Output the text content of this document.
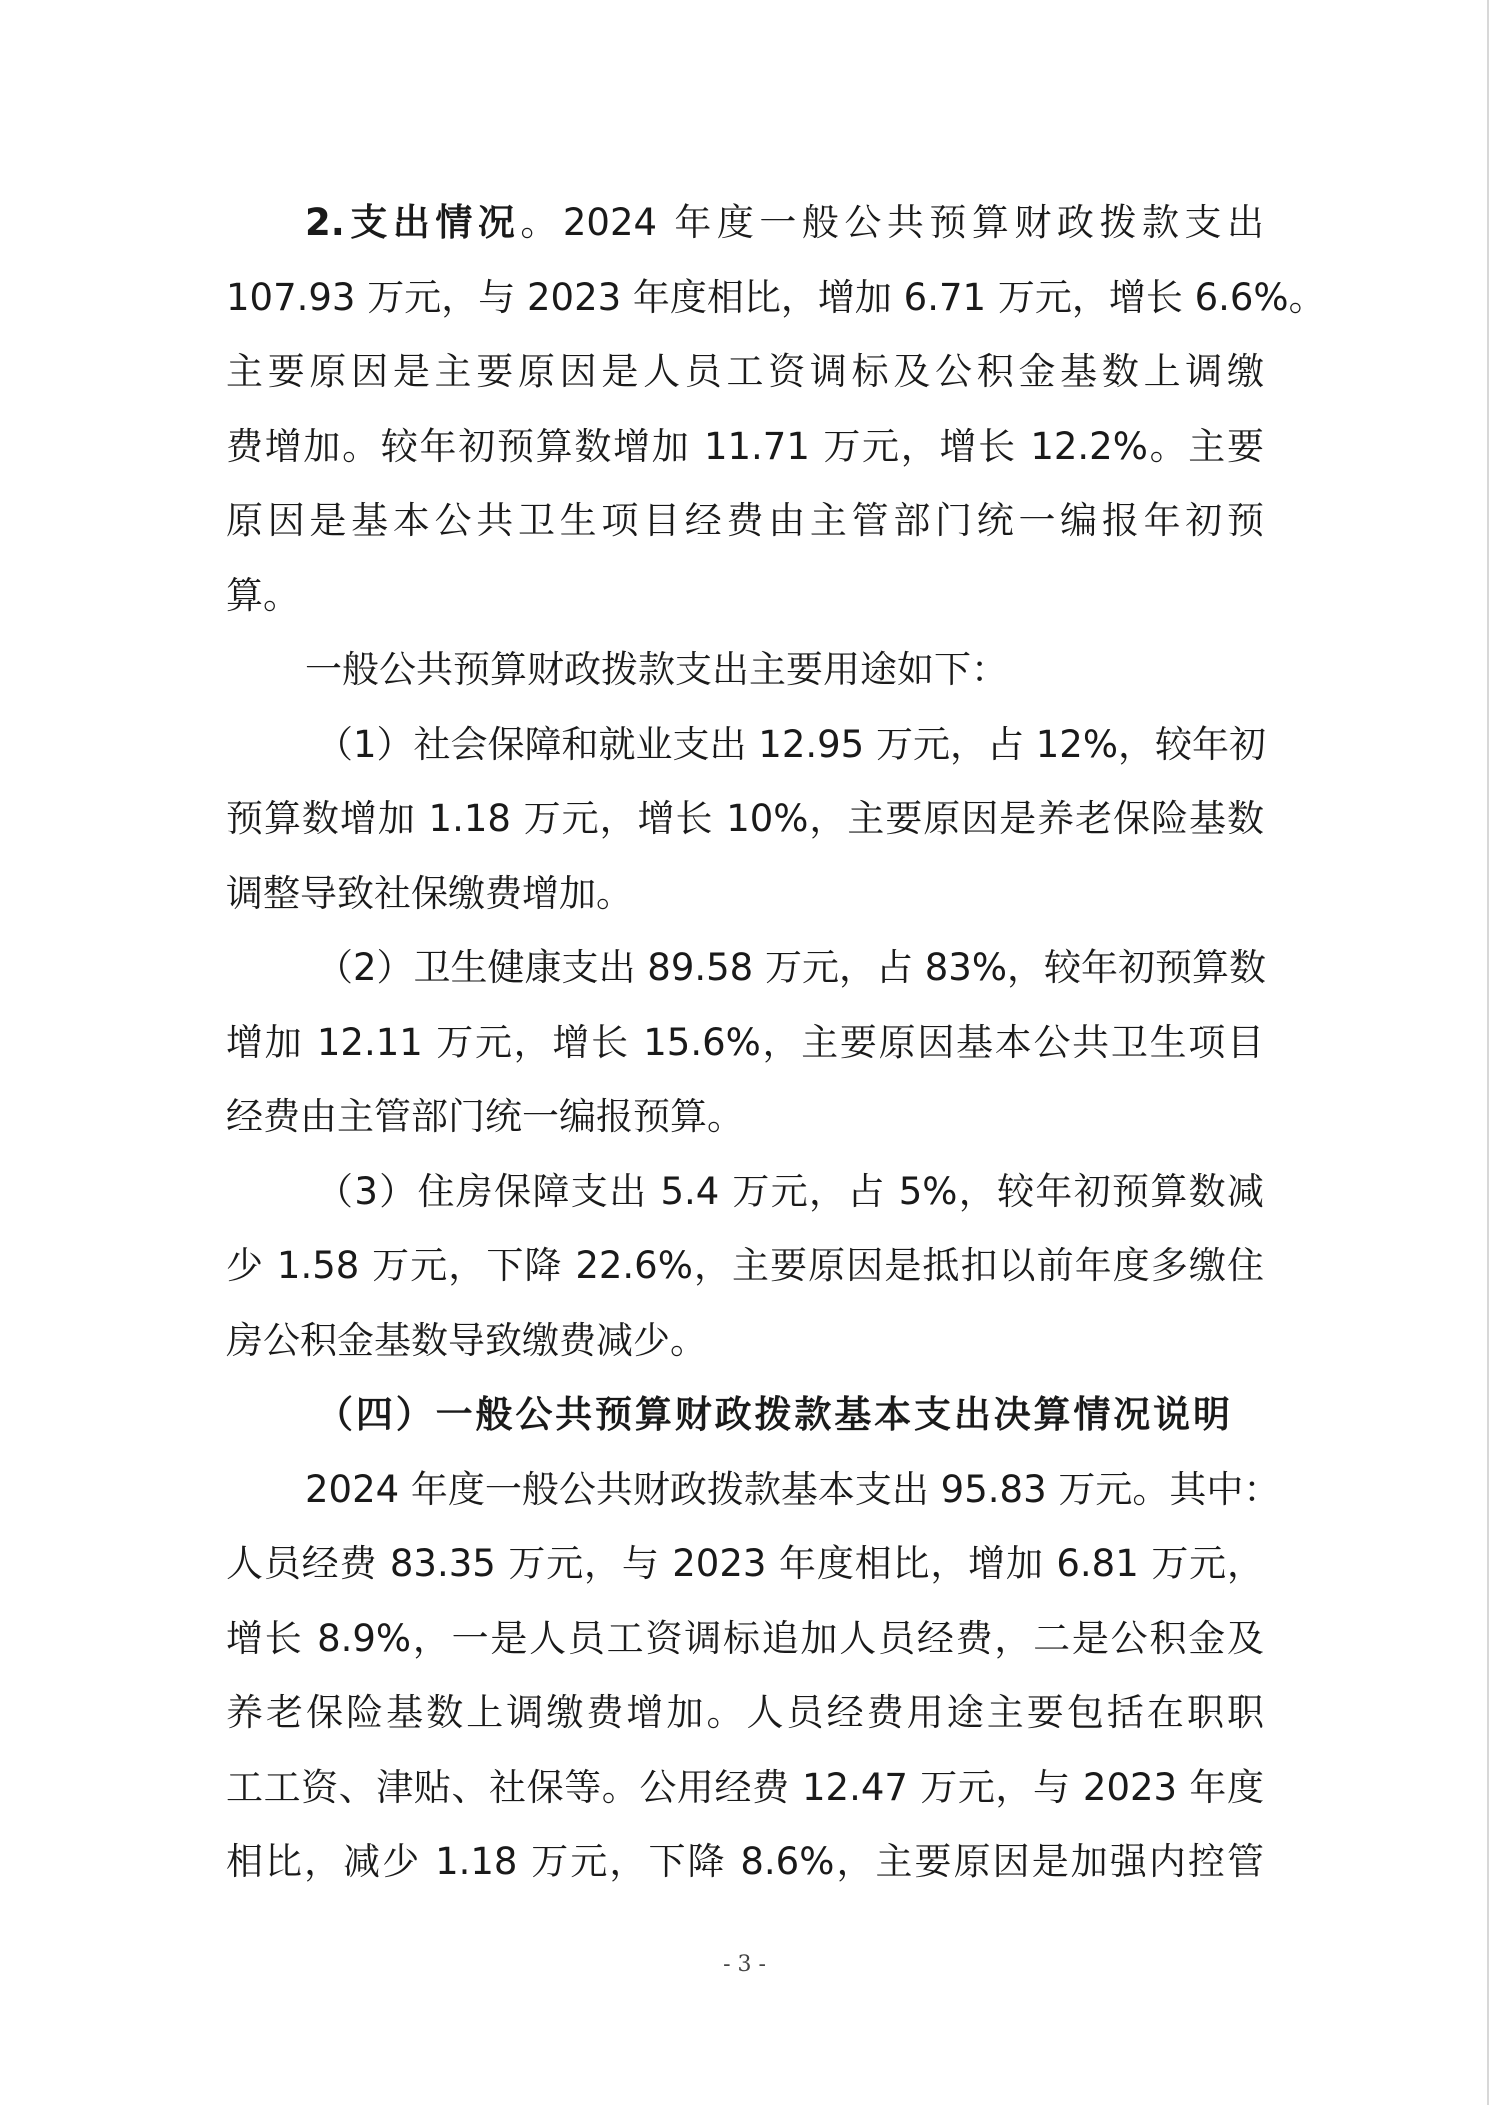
2.支出情况。2024 年度一般公共预算财政拨款支出
107.93 万元，与 2023 年度相比，增加 6.71 万元，增长 6.6%。
主要原因是主要原因是人员工资调标及公积金基数上调缴
费增加。较年初预算数增加 11.71 万元，增长 12.2%。主要
原因是基本公共卫生项目经费由主管部门统一编报年初预
算。
一般公共预算财政拨款支出主要用途如下：
（1）社会保障和就业支出 12.95 万元，占 12%，较年初
预算数增加 1.18 万元，增长 10%，主要原因是养老保险基数
调整导致社保缴费增加。
（2）卫生健康支出 89.58 万元，占 83%，较年初预算数
增加 12.11 万元，增长 15.6%，主要原因基本公共卫生项目
经费由主管部门统一编报预算。
（3）住房保障支出 5.4 万元，占 5%，较年初预算数减
少 1.58 万元，下降 22.6%，主要原因是抵扣以前年度多缴住
房公积金基数导致缴费减少。
（四）一般公共预算财政拨款基本支出决算情况说明
2024 年度一般公共财政拨款基本支出 95.83 万元。其中：
人员经费 83.35 万元，与 2023 年度相比，增加 6.81 万元，
增长 8.9%，一是人员工资调标追加人员经费，二是公积金及
养老保险基数上调缴费增加。人员经费用途主要包括在职职
工工资、津贴、社保等。公用经费 12.47 万元，与 2023 年度
相比，减少 1.18 万元，下降 8.6%，主要原因是加强内控管
- 3 -
